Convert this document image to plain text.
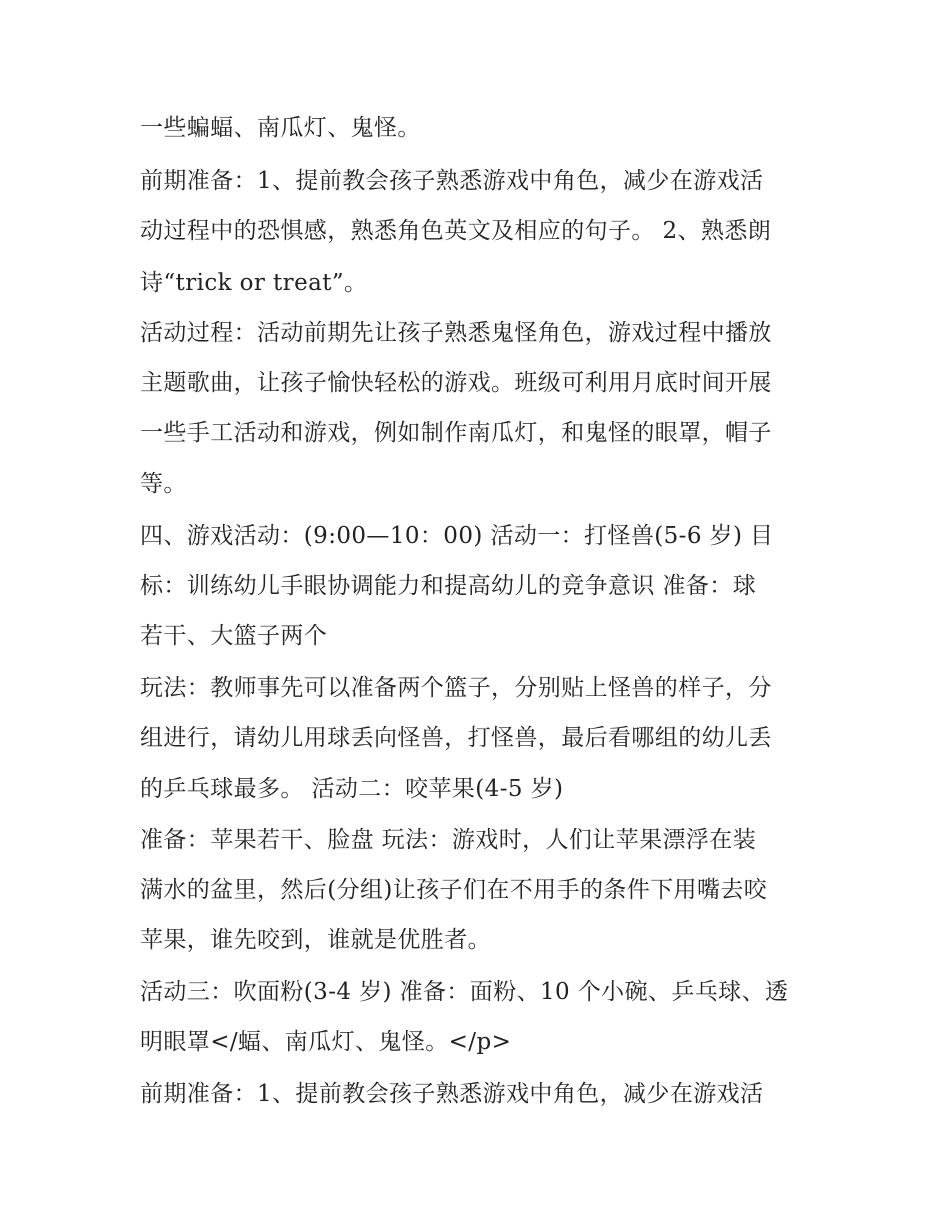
一些蝙蝠、南瓜灯、鬼怪。
前期准备：1、提前教会孩子熟悉游戏中角色，减少在游戏活
动过程中的恐惧感，熟悉角色英文及相应的句子。 2、熟悉朗
诗“trick or treat”。
活动过程：活动前期先让孩子熟悉鬼怪角色，游戏过程中播放
主题歌曲，让孩子愉快轻松的游戏。班级可利用月底时间开展
一些手工活动和游戏，例如制作南瓜灯，和鬼怪的眼罩，帽子
等。
四、游戏活动：(9:00—10：00) 活动一：打怪兽(5-6 岁) 目
标：训练幼儿手眼协调能力和提高幼儿的竞争意识 准备：球
若干、大篮子两个
玩法：教师事先可以准备两个篮子，分别贴上怪兽的样子，分
组进行，请幼儿用球丢向怪兽，打怪兽，最后看哪组的幼儿丢
的乒乓球最多。 活动二：咬苹果(4-5 岁)
准备：苹果若干、脸盘 玩法：游戏时，人们让苹果漂浮在装
满水的盆里，然后(分组)让孩子们在不用手的条件下用嘴去咬
苹果，谁先咬到，谁就是优胜者。
活动三：吹面粉(3-4 岁) 准备：面粉、10 个小碗、乒乓球、透
明眼罩</蝠、南瓜灯、鬼怪。</p>
前期准备：1、提前教会孩子熟悉游戏中角色，减少在游戏活
